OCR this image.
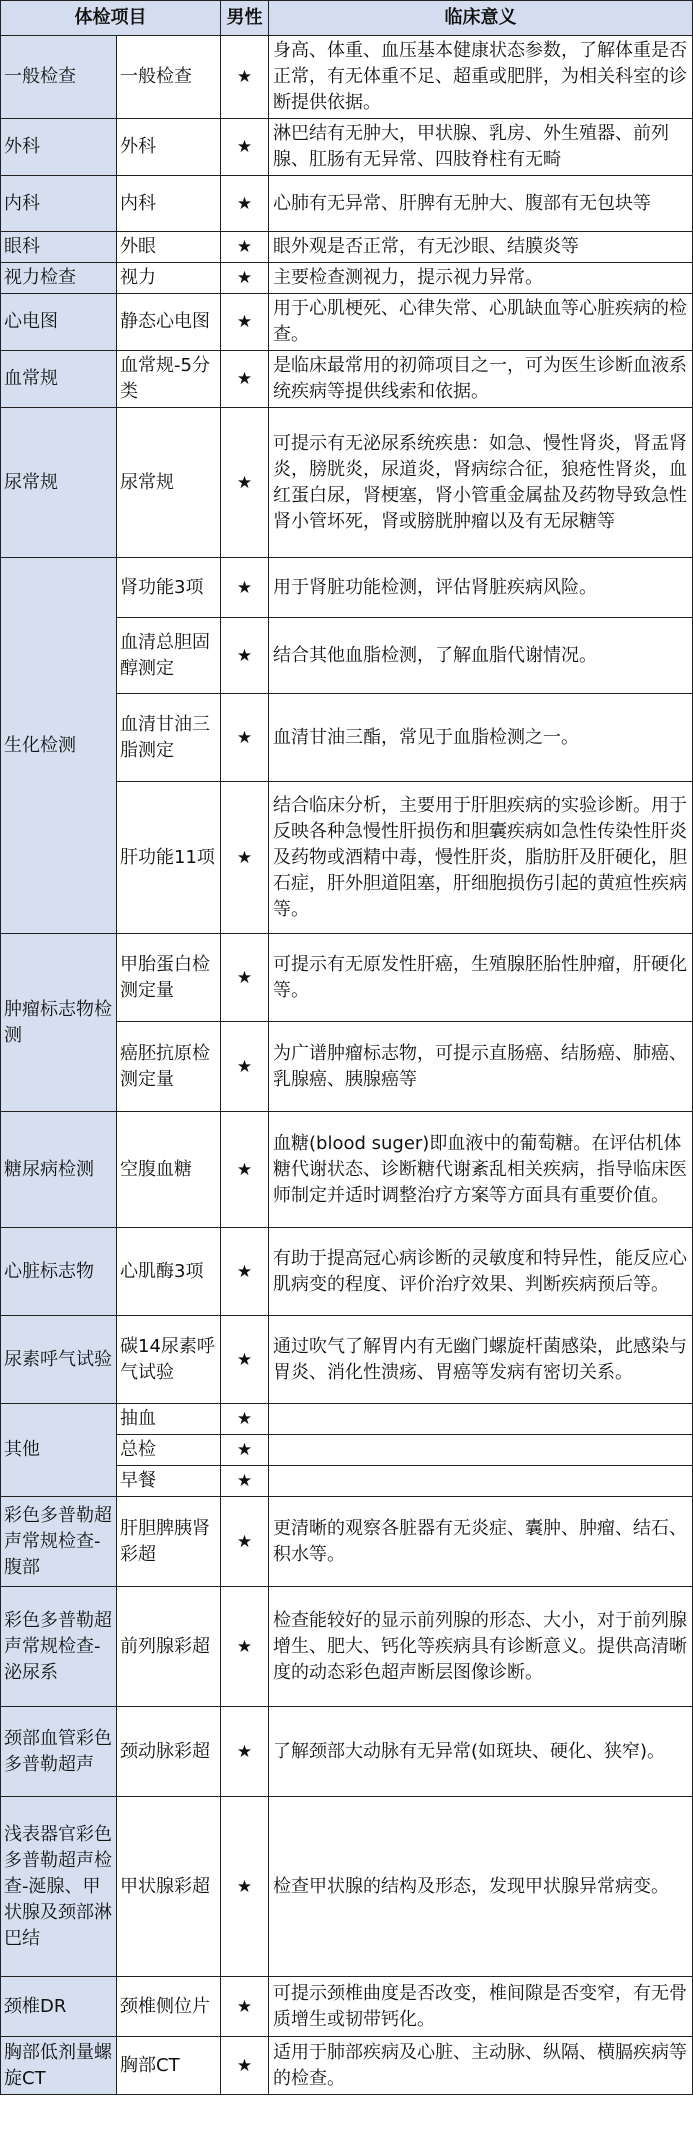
体检项目		男性	临床意义
一般检查	一般检查	★	身高、体重、血压基本健康状态参数，了解体重是否正常，有无体重不足、超重或肥胖，为相关科室的诊断提供依据。
外科	外科	★	淋巴结有无肿大，甲状腺、乳房、外生殖器、前列腺、肛肠有无异常、四肢脊柱有无畸
内科	内科	★	心肺有无异常、肝脾有无肿大、腹部有无包块等
眼科	外眼	★	眼外观是否正常，有无沙眼、结膜炎等
视力检查	视力	★	主要检查测视力，提示视力异常。
心电图	静态心电图	★	用于心肌梗死、心律失常、心肌缺血等心脏疾病的检查。
血常规	血常规-5分类	★	是临床最常用的初筛项目之一，可为医生诊断血液系统疾病等提供线索和依据。
尿常规	尿常规	★	可提示有无泌尿系统疾患：如急、慢性肾炎，肾盂肾炎，膀胱炎，尿道炎，肾病综合征，狼疮性肾炎，血红蛋白尿，肾梗塞，肾小管重金属盐及药物导致急性肾小管坏死，肾或膀胱肿瘤以及有无尿糖等
生化检测	肾功能3项	★	用于肾脏功能检测，评估肾脏疾病风险。
	血清总胆固醇测定	★	结合其他血脂检测，了解血脂代谢情况。
	血清甘油三脂测定	★	血清甘油三酯，常见于血脂检测之一。
	肝功能11项	★	结合临床分析，主要用于肝胆疾病的实验诊断。用于反映各种急慢性肝损伤和胆囊疾病如急性传染性肝炎及药物或酒精中毒，慢性肝炎，脂肪肝及肝硬化，胆石症，肝外胆道阻塞，肝细胞损伤引起的黄疸性疾病等。
肿瘤标志物检测	甲胎蛋白检测定量	★	可提示有无原发性肝癌，生殖腺胚胎性肿瘤，肝硬化等。
	癌胚抗原检测定量	★	为广谱肿瘤标志物，可提示直肠癌、结肠癌、肺癌、乳腺癌、胰腺癌等
糖尿病检测	空腹血糖	★	血糖(blood suger)即血液中的葡萄糖。在评估机体糖代谢状态、诊断糖代谢紊乱相关疾病，指导临床医师制定并适时调整治疗方案等方面具有重要价值。
心脏标志物	心肌酶3项	★	有助于提高冠心病诊断的灵敏度和特异性，能反应心肌病变的程度、评价治疗效果、判断疾病预后等。
尿素呼气试验	碳14尿素呼气试验	★	通过吹气了解胃内有无幽门螺旋杆菌感染，此感染与胃炎、消化性溃疡、胃癌等发病有密切关系。
其他	抽血	★	
	总检	★	
	早餐	★	
彩色多普勒超声常规检查-腹部	肝胆脾胰肾彩超	★	更清晰的观察各脏器有无炎症、囊肿、肿瘤、结石、积水等。
彩色多普勒超声常规检查-泌尿系	前列腺彩超	★	检查能较好的显示前列腺的形态、大小，对于前列腺增生、肥大、钙化等疾病具有诊断意义。提供高清晰度的动态彩色超声断层图像诊断。
颈部血管彩色多普勒超声	颈动脉彩超	★	了解颈部大动脉有无异常(如斑块、硬化、狭窄)。
浅表器官彩色多普勒超声检查-涎腺、甲状腺及颈部淋巴结	甲状腺彩超	★	检查甲状腺的结构及形态，发现甲状腺异常病变。
颈椎DR	颈椎侧位片	★	可提示颈椎曲度是否改变，椎间隙是否变窄，有无骨质增生或韧带钙化。
胸部低剂量螺旋CT	胸部CT	★	适用于肺部疾病及心脏、主动脉、纵隔、横膈疾病等的检查。
